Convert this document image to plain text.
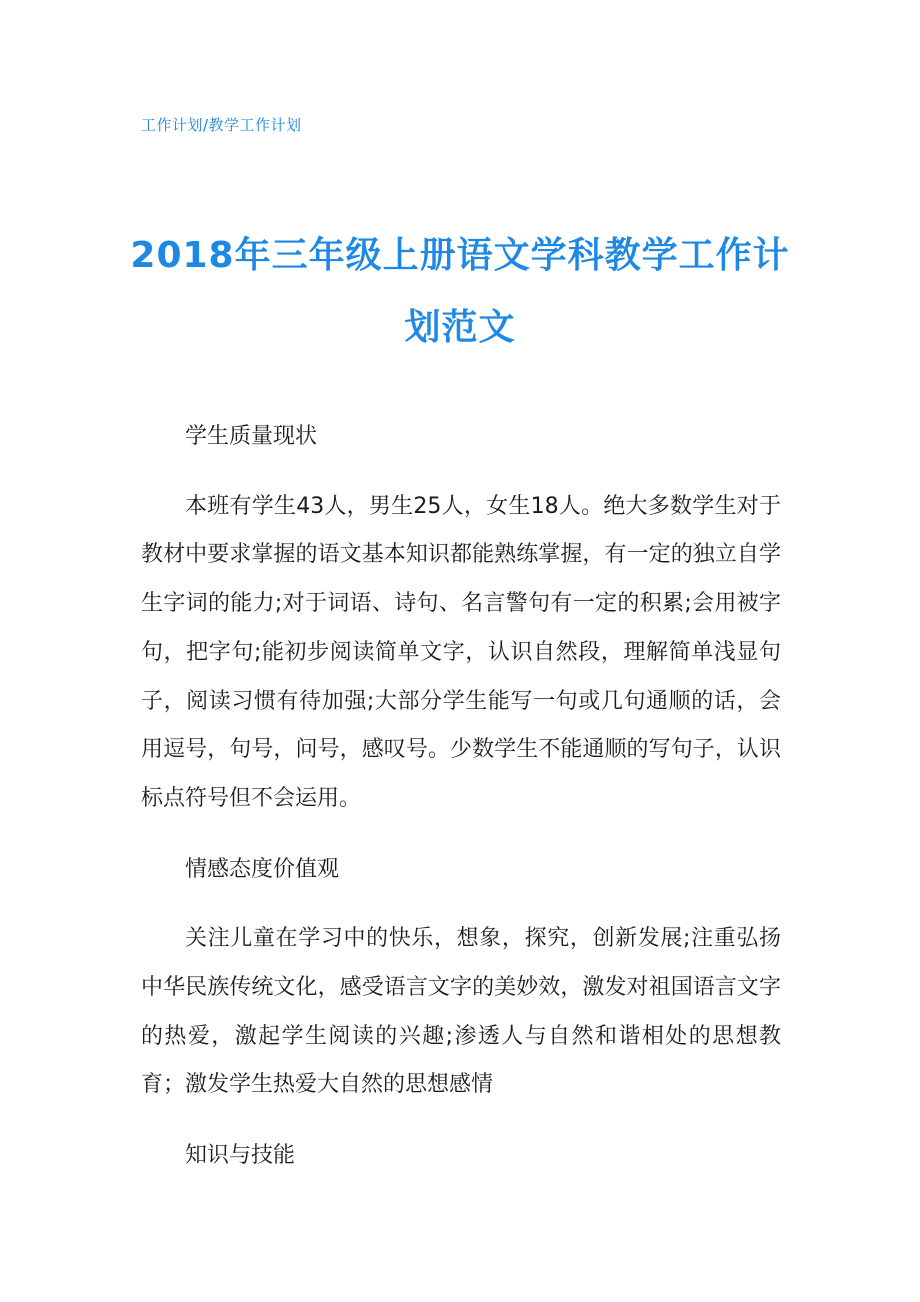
工作计划/教学工作计划
2018年三年级上册语文学科教学工作计划范文

学生质量现状

本班有学生43人，男生25人，女生18人。绝大多数学生对于教材中要求掌握的语文基本知识都能熟练掌握，有一定的独立自学生字词的能力;对于词语、诗句、名言警句有一定的积累;会用被字句，把字句;能初步阅读简单文字，认识自然段，理解简单浅显句子，阅读习惯有待加强;大部分学生能写一句或几句通顺的话，会用逗号，句号，问号，感叹号。少数学生不能通顺的写句子，认识标点符号但不会运用。

情感态度价值观

关注儿童在学习中的快乐，想象，探究，创新发展;注重弘扬中华民族传统文化，感受语言文字的美妙效，激发对祖国语言文字的热爱，激起学生阅读的兴趣;渗透人与自然和谐相处的思想教育；激发学生热爱大自然的思想感情

知识与技能
